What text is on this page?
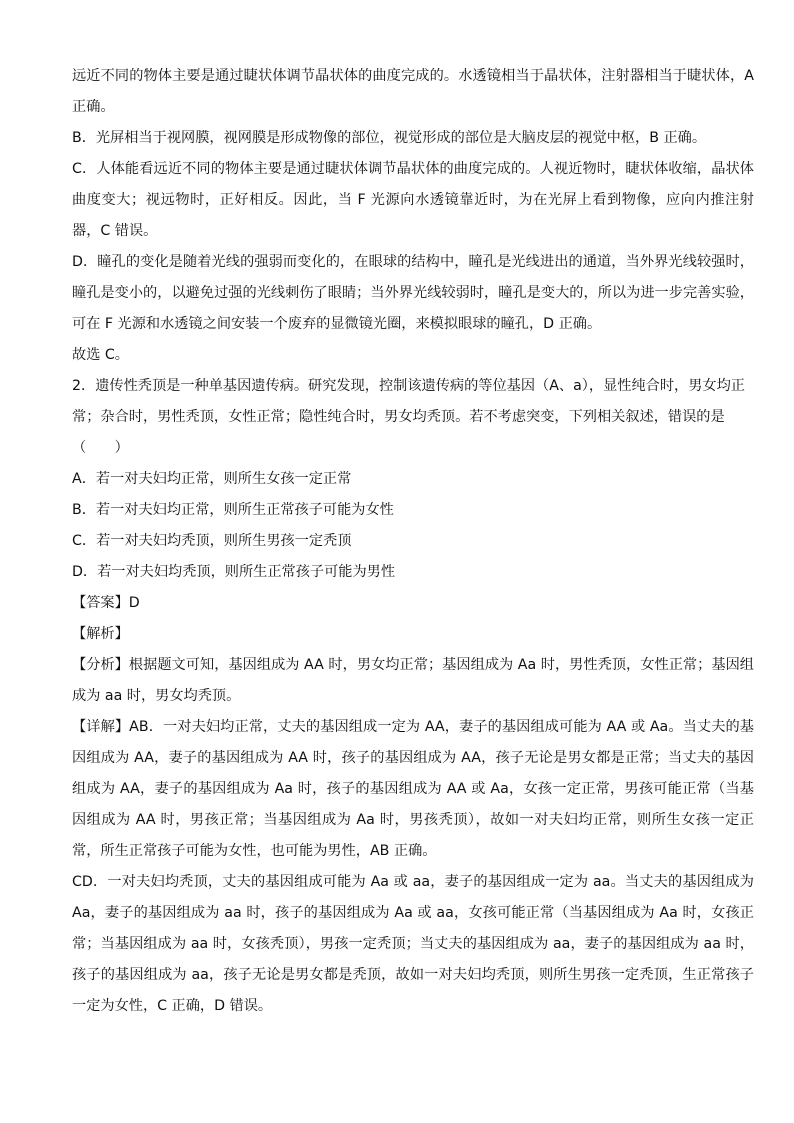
远近不同的物体主要是通过睫状体调节晶状体的曲度完成的。水透镜相当于晶状体，注射器相当于睫状体，A 正确。

B．光屏相当于视网膜，视网膜是形成物像的部位，视觉形成的部位是大脑皮层的视觉中枢，B 正确。

C．人体能看远近不同的物体主要是通过睫状体调节晶状体的曲度完成的。人视近物时，睫状体收缩，晶状体曲度变大；视远物时，正好相反。因此，当 F 光源向水透镜靠近时，为在光屏上看到物像，应向内推注射器，C 错误。

D．瞳孔的变化是随着光线的强弱而变化的，在眼球的结构中，瞳孔是光线进出的通道，当外界光线较强时，瞳孔是变小的，以避免过强的光线刺伤了眼睛；当外界光线较弱时，瞳孔是变大的，所以为进一步完善实验，可在 F 光源和水透镜之间安装一个废弃的显微镜光圈，来模拟眼球的瞳孔，D 正确。

故选 C。

2．遗传性秃顶是一种单基因遗传病。研究发现，控制该遗传病的等位基因（A、a），显性纯合时，男女均正常；杂合时，男性秃顶，女性正常；隐性纯合时，男女均秃顶。若不考虑突变，下列相关叙述，错误的是（　　）

A．若一对夫妇均正常，则所生女孩一定正常

B．若一对夫妇均正常，则所生正常孩子可能为女性

C．若一对夫妇均秃顶，则所生男孩一定秃顶

D．若一对夫妇均秃顶，则所生正常孩子可能为男性

【答案】D

【解析】

【分析】根据题文可知，基因组成为 AA 时，男女均正常；基因组成为 Aa 时，男性秃顶，女性正常；基因组成为 aa 时，男女均秃顶。

【详解】AB．一对夫妇均正常，丈夫的基因组成一定为 AA，妻子的基因组成可能为 AA 或 Aa。当丈夫的基因组成为 AA，妻子的基因组成为 AA 时，孩子的基因组成为 AA，孩子无论是男女都是正常；当丈夫的基因组成为 AA，妻子的基因组成为 Aa 时，孩子的基因组成为 AA 或 Aa，女孩一定正常，男孩可能正常（当基因组成为 AA 时，男孩正常；当基因组成为 Aa 时，男孩秃顶），故如一对夫妇均正常，则所生女孩一定正常，所生正常孩子可能为女性，也可能为男性，AB 正确。

CD．一对夫妇均秃顶，丈夫的基因组成可能为 Aa 或 aa，妻子的基因组成一定为 aa。当丈夫的基因组成为 Aa，妻子的基因组成为 aa 时，孩子的基因组成为 Aa 或 aa，女孩可能正常（当基因组成为 Aa 时，女孩正常；当基因组成为 aa 时，女孩秃顶），男孩一定秃顶；当丈夫的基因组成为 aa，妻子的基因组成为 aa 时，孩子的基因组成为 aa，孩子无论是男女都是秃顶，故如一对夫妇均秃顶，则所生男孩一定秃顶，生正常孩子一定为女性，C 正确，D 错误。
